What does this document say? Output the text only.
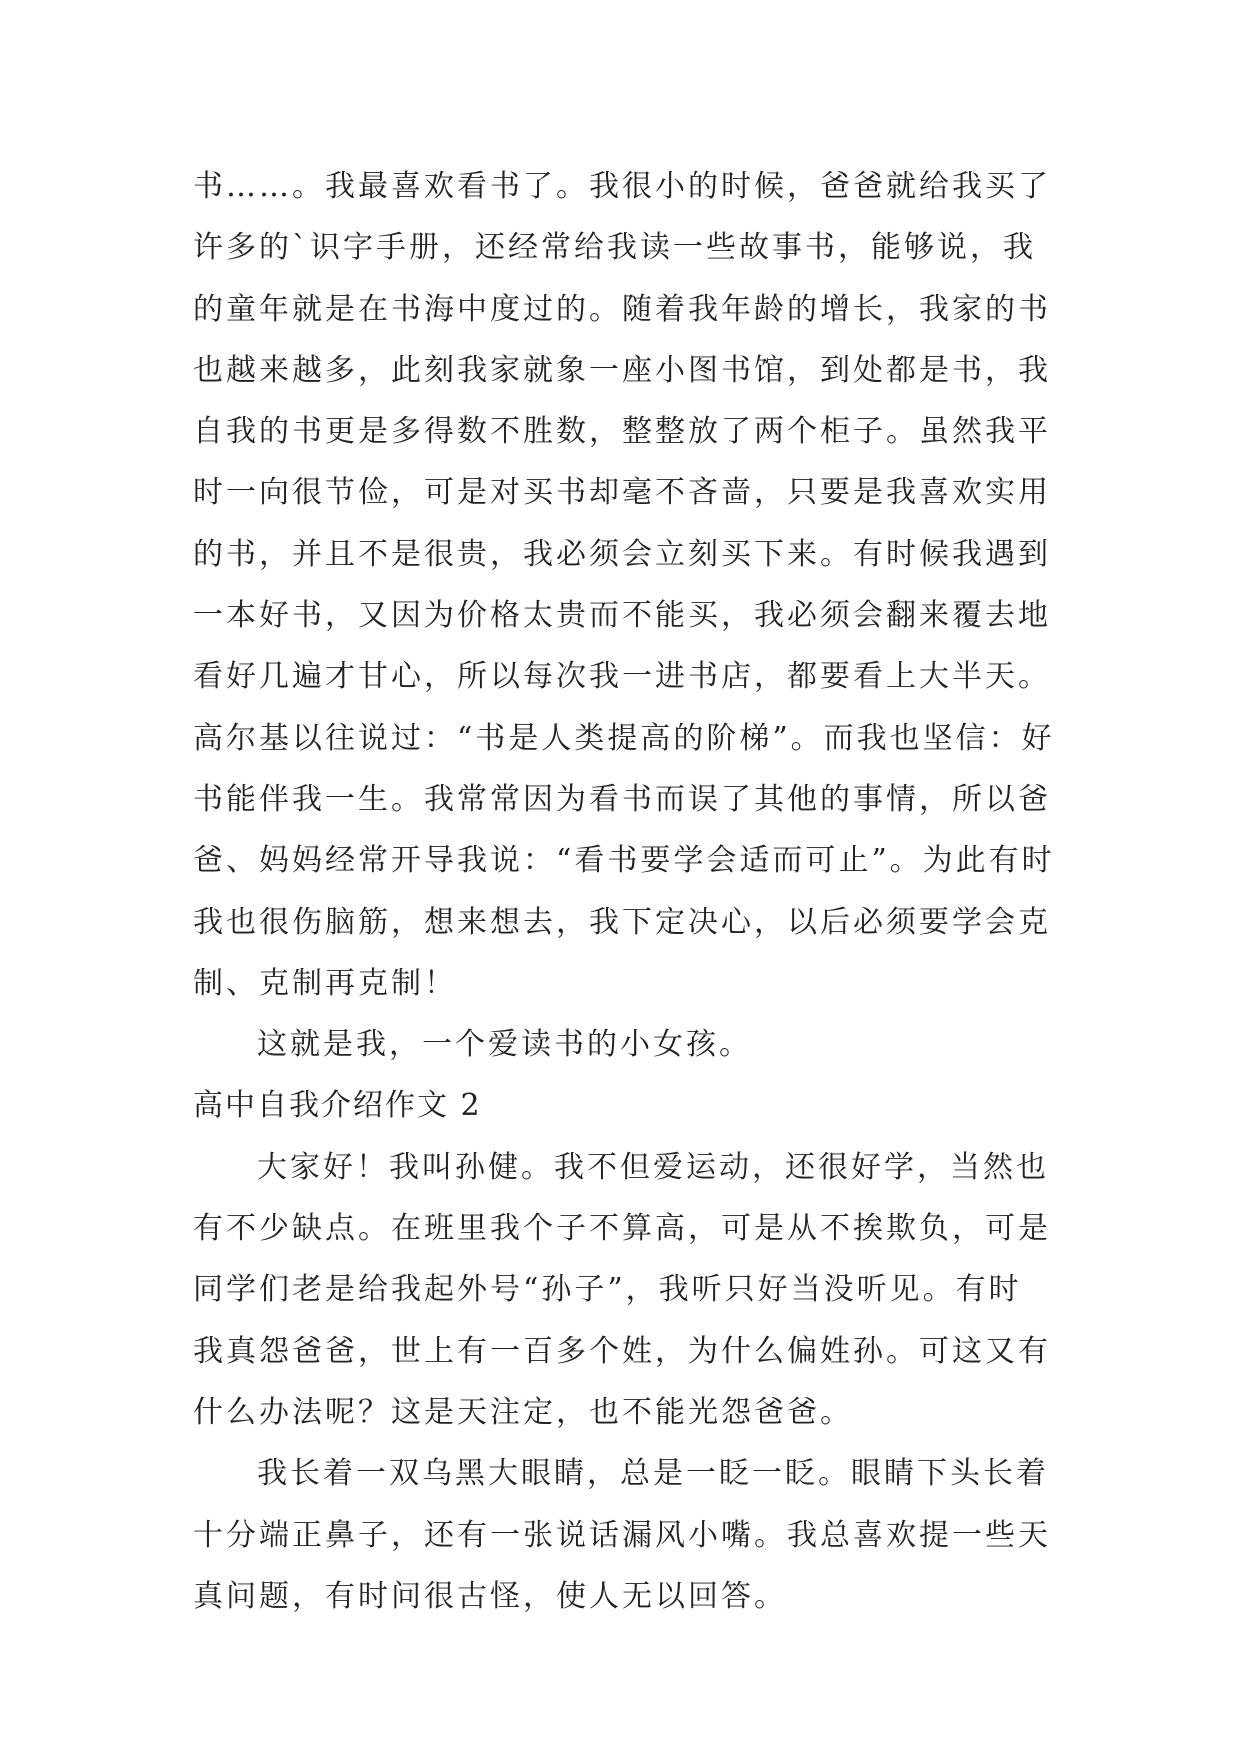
书……。我最喜欢看书了。我很小的时候，爸爸就给我买了
许多的`识字手册，还经常给我读一些故事书，能够说，我
的童年就是在书海中度过的。随着我年龄的增长，我家的书
也越来越多，此刻我家就象一座小图书馆，到处都是书，我
自我的书更是多得数不胜数，整整放了两个柜子。虽然我平
时一向很节俭，可是对买书却毫不吝啬，只要是我喜欢实用
的书，并且不是很贵，我必须会立刻买下来。有时候我遇到
一本好书，又因为价格太贵而不能买，我必须会翻来覆去地
看好几遍才甘心，所以每次我一进书店，都要看上大半天。
高尔基以往说过：“书是人类提高的阶梯”。而我也坚信：好
书能伴我一生。我常常因为看书而误了其他的事情，所以爸
爸、妈妈经常开导我说：“看书要学会适而可止”。为此有时
我也很伤脑筋，想来想去，我下定决心，以后必须要学会克
制、克制再克制！
这就是我，一个爱读书的小女孩。
高中自我介绍作文 2
大家好！我叫孙健。我不但爱运动，还很好学，当然也
有不少缺点。在班里我个子不算高，可是从不挨欺负，可是
同学们老是给我起外号“孙子”，我听只好当没听见。有时
我真怨爸爸，世上有一百多个姓，为什么偏姓孙。可这又有
什么办法呢？这是天注定，也不能光怨爸爸。
我长着一双乌黑大眼睛，总是一眨一眨。眼睛下头长着
十分端正鼻子，还有一张说话漏风小嘴。我总喜欢提一些天
真问题，有时问很古怪，使人无以回答。
